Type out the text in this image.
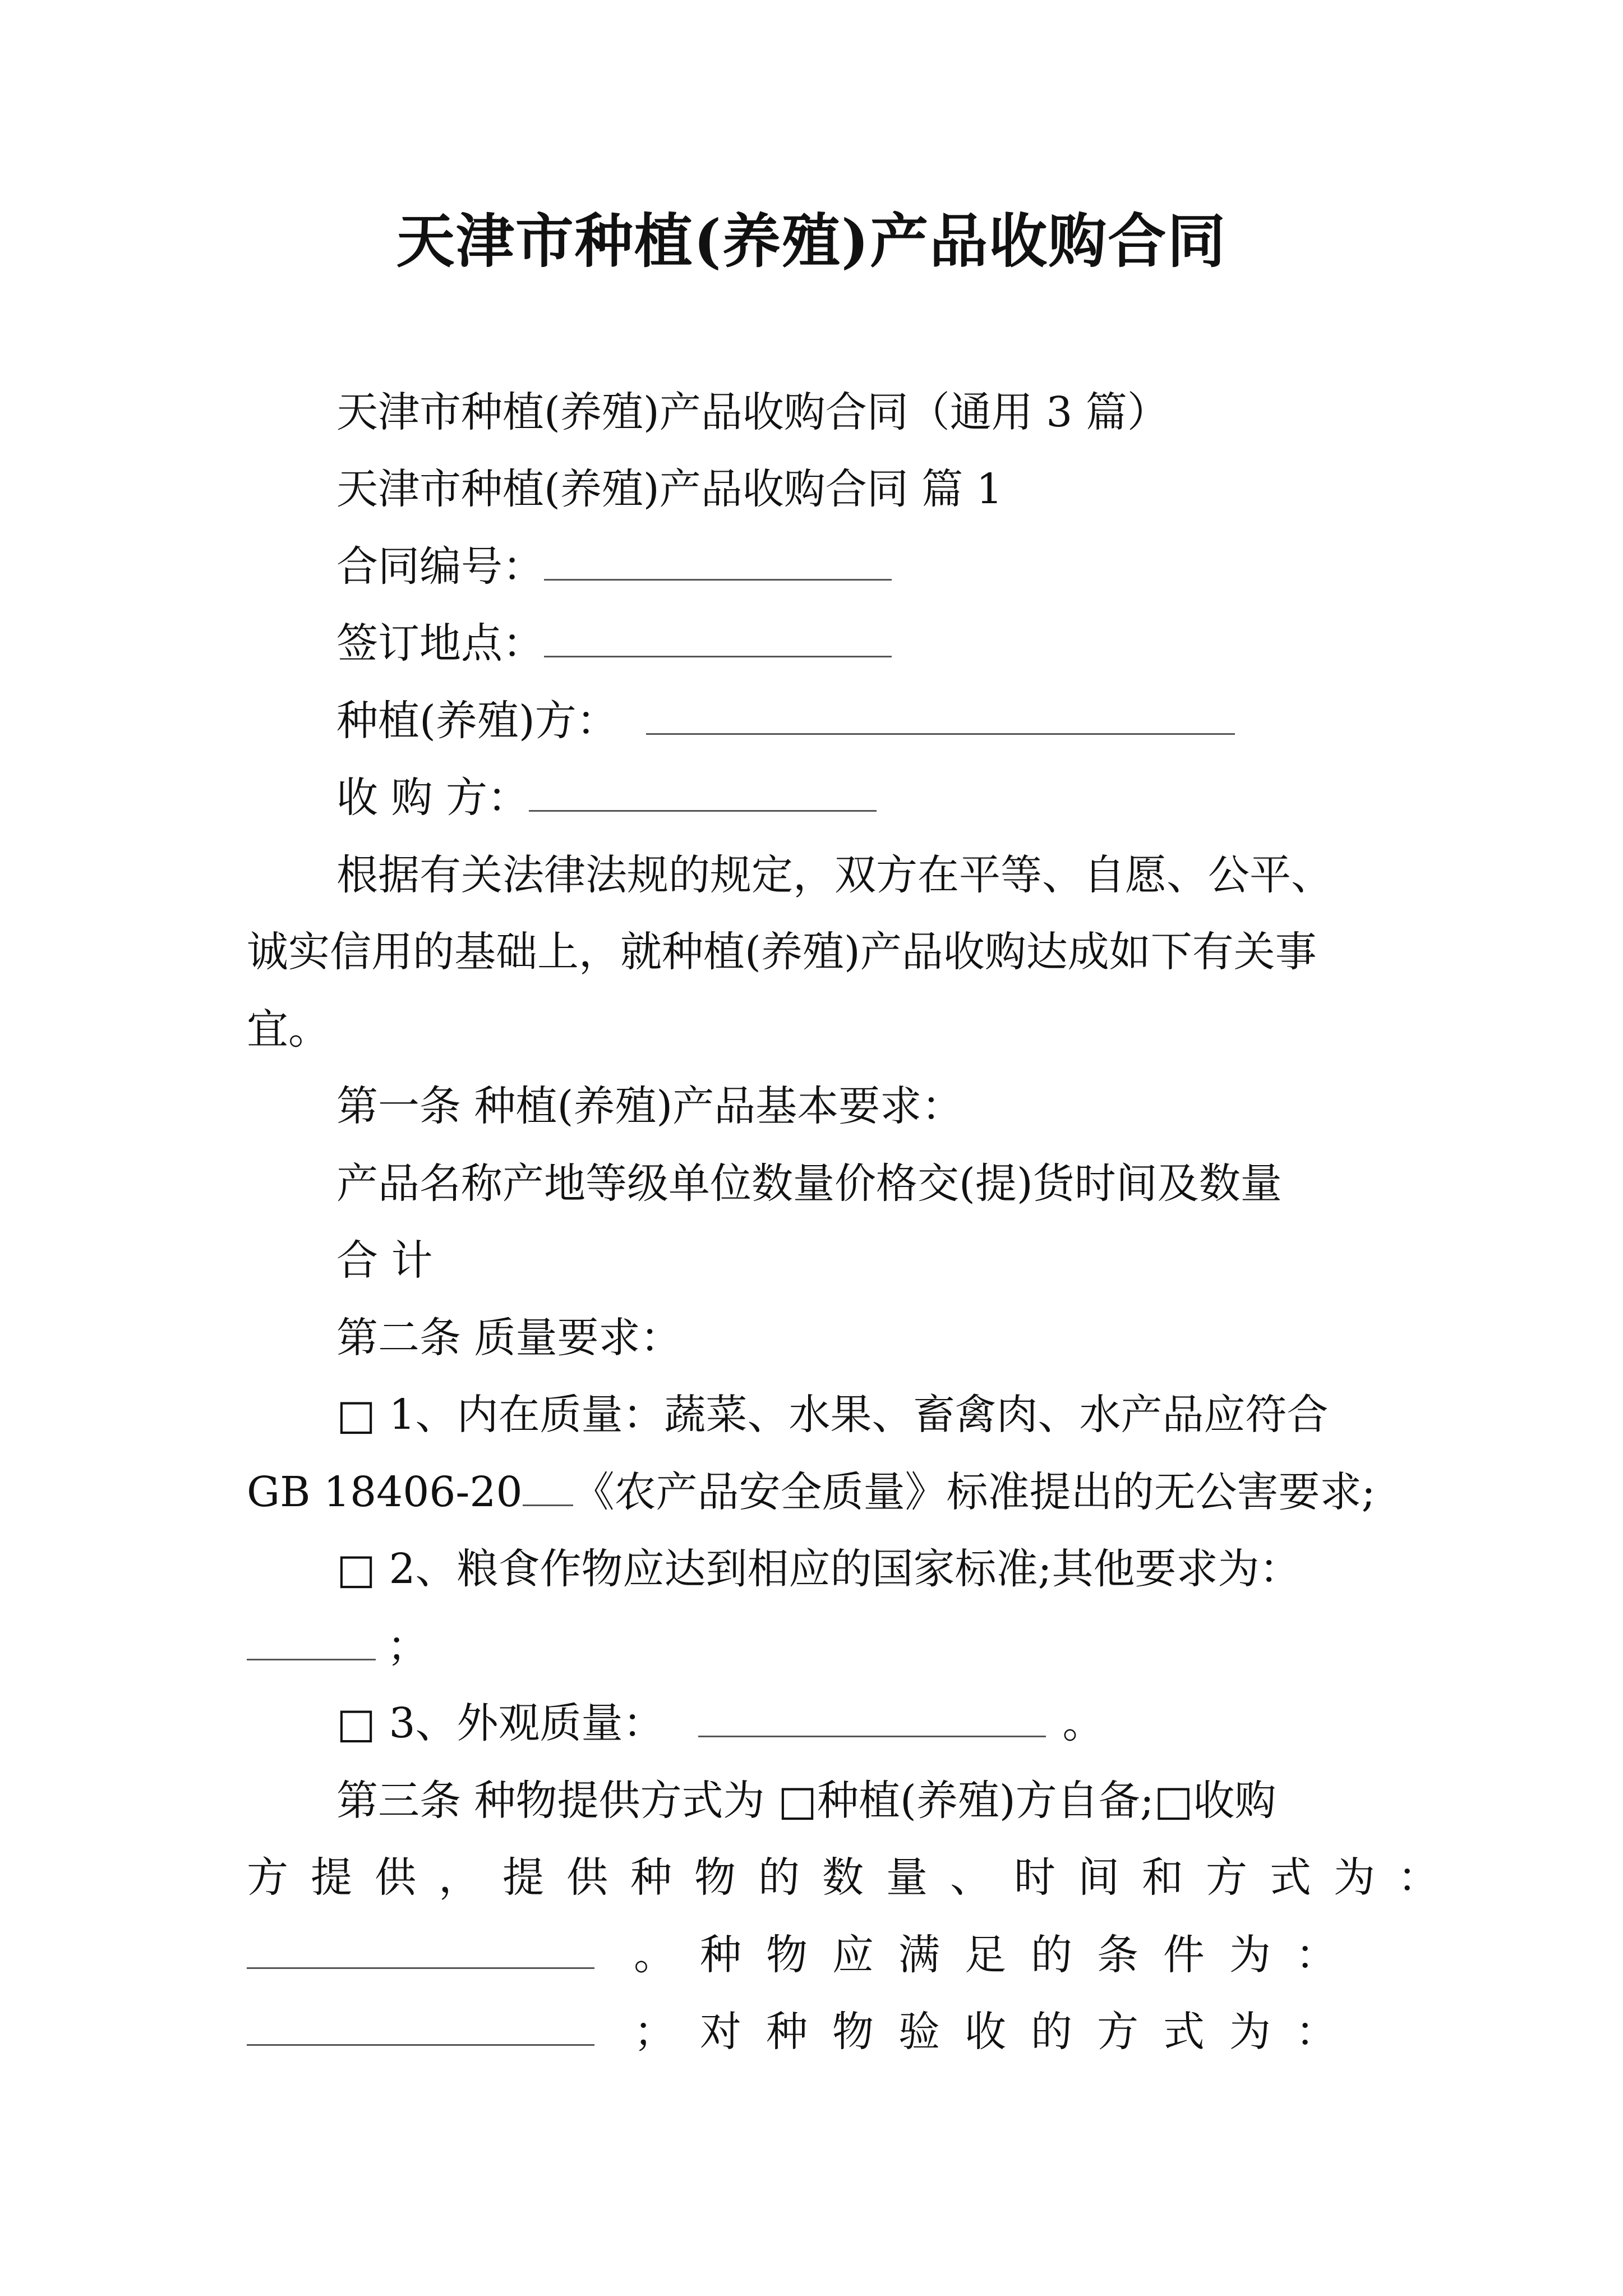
天津市种植(养殖)产品收购合同
天津市种植(养殖)产品收购合同（通用 3 篇）
天津市种植(养殖)产品收购合同 篇 1
合同编号：
签订地点：
种植(养殖)方：
收 购 方：
根据有关法律法规的规定，双方在平等、自愿、公平、
诚实信用的基础上，就种植(养殖)产品收购达成如下有关事
宜。
第一条 种植(养殖)产品基本要求：
产品名称产地等级单位数量价格交(提)货时间及数量
合 计
第二条 质量要求：
□ 1、内在质量：蔬菜、水果、畜禽肉、水产品应符合
GB 18406-20 《农产品安全质量》标准提出的无公害要求;
□ 2、粮食作物应达到相应的国家标准;其他要求为：
；
□ 3、外观质量：	。
第三条 种物提供方式为 □种植(养殖)方自备;□收购
方提供，提供种物的数量、时间和方式为：
。种物应满足的条件为：
；对种物验收的方式为：
